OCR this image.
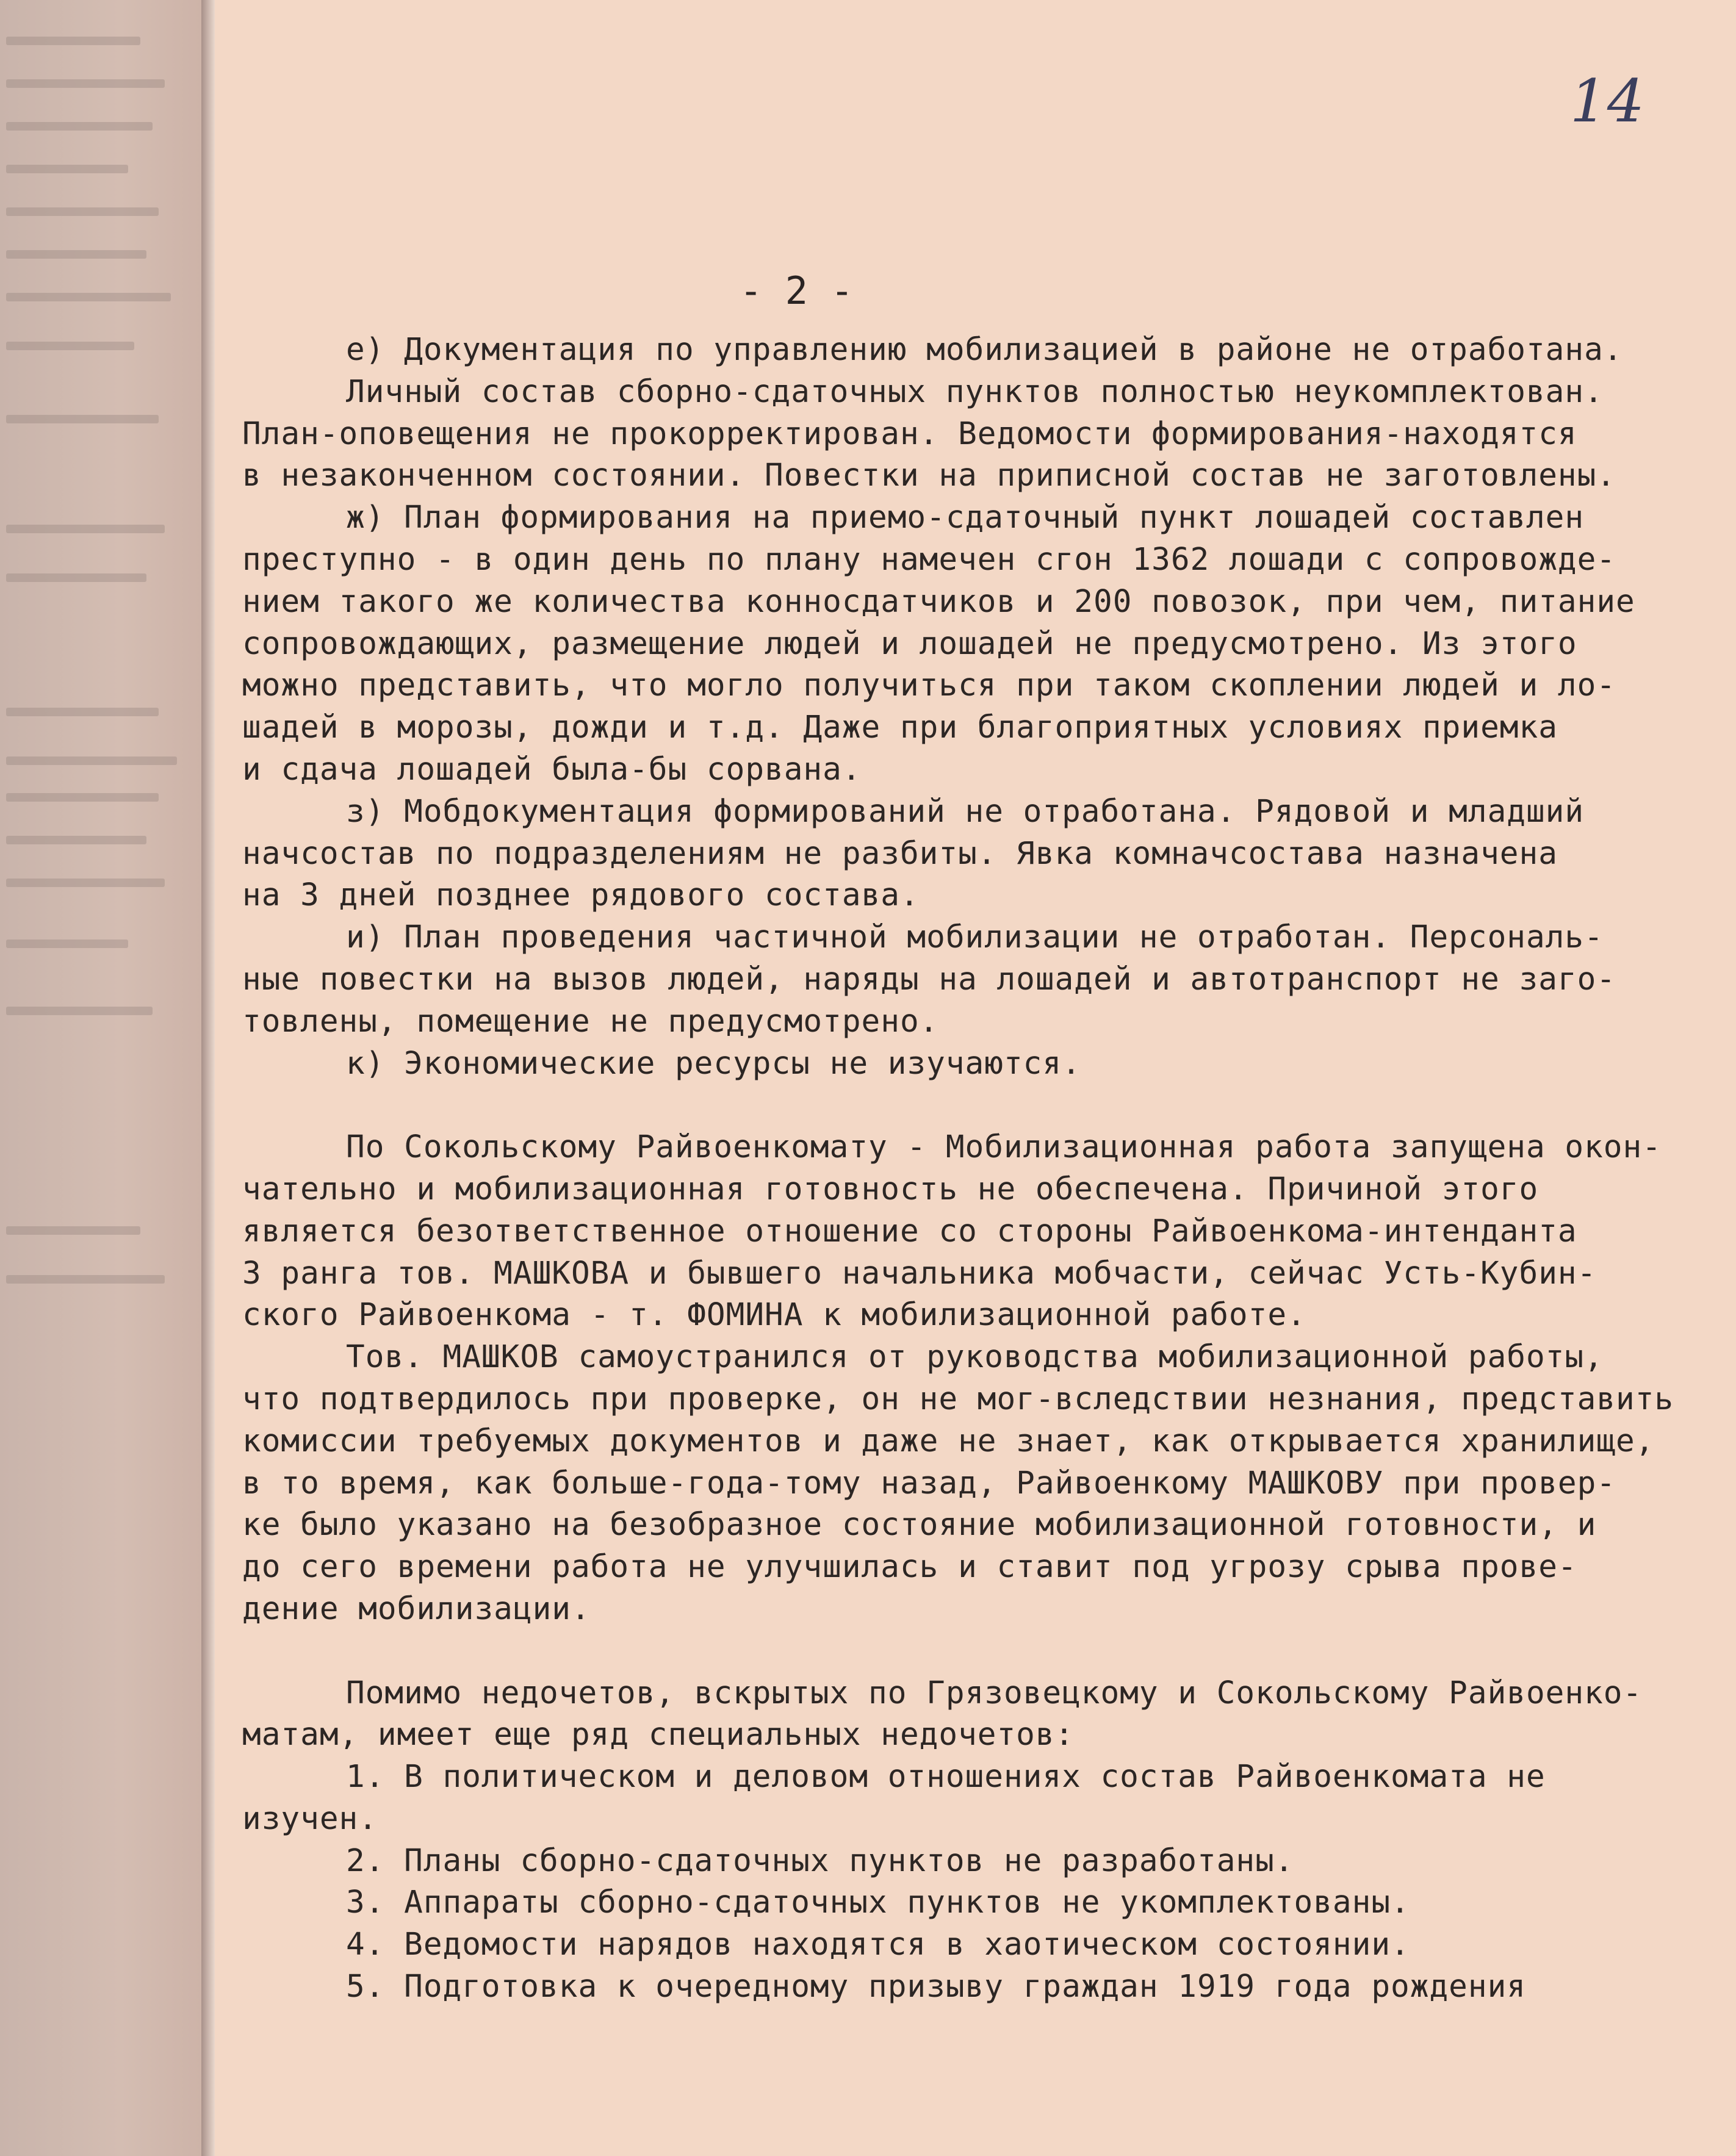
14
- 2 -
е) Документация по управлению мобилизацией в районе не отработана.
Личный состав сборно-сдаточных пунктов полностью неукомплектован.
План-оповещения не прокорректирован. Ведомости формирования-находятся
в незаконченном состоянии. Повестки на приписной состав не заготовлены.
ж) План формирования на приемо-сдаточный пункт лошадей составлен
преступно - в один день по плану намечен сгон 1362 лошади с сопровожде-
нием такого же количества конносдатчиков и 200 повозок, при чем, питание
сопровождающих, размещение людей и лошадей не предусмотрено. Из этого
можно представить, что могло получиться при таком скоплении людей и ло-
шадей в морозы, дожди и т.д. Даже при благоприятных условиях приемка
и сдача лошадей была-бы сорвана.
з) Мобдокументация формирований не отработана. Рядовой и младший
начсостав по подразделениям не разбиты. Явка комначсостава назначена
на 3 дней позднее рядового состава.
и) План проведения частичной мобилизации не отработан. Персональ-
ные повестки на вызов людей, наряды на лошадей и автотранспорт не заго-
товлены, помещение не предусмотрено.
к) Экономические ресурсы не изучаются.
По Сокольскому Райвоенкомату - Мобилизационная работа запущена окон-
чательно и мобилизационная готовность не обеспечена. Причиной этого
является безответственное отношение со стороны Райвоенкома-интенданта
3 ранга тов. МАШКОВА и бывшего начальника мобчасти, сейчас Усть-Кубин-
ского Райвоенкома - т. ФОМИНА к мобилизационной работе.
Тов. МАШКОВ самоустранился от руководства мобилизационной работы,
что подтвердилось при проверке, он не мог-вследствии незнания, представить
комиссии требуемых документов и даже не знает, как открывается хранилище,
в то время, как больше-года-тому назад, Райвоенкому МАШКОВУ при провер-
ке было указано на безобразное состояние мобилизационной готовности, и
до сего времени работа не улучшилась и ставит под угрозу срыва прове-
дение мобилизации.
Помимо недочетов, вскрытых по Грязовецкому и Сокольскому Райвоенко-
матам, имеет еще ряд специальных недочетов:
1. В политическом и деловом отношениях состав Райвоенкомата не
изучен.
2. Планы сборно-сдаточных пунктов не разработаны.
3. Аппараты сборно-сдаточных пунктов не укомплектованы.
4. Ведомости нарядов находятся в хаотическом состоянии.
5. Подготовка к очередному призыву граждан 1919 года рождения
